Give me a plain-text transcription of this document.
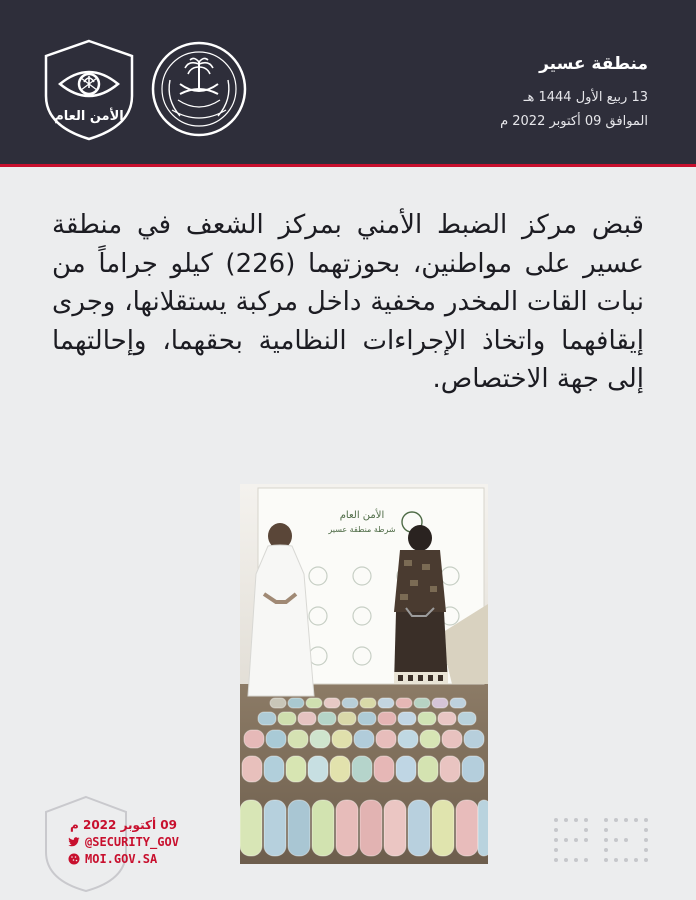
الأمن العام
منطقة عسير
13 ربيع الأول 1444 هـ
الموافق 09 أكتوبر 2022 م

قبض مركز الضبط الأمني بمركز الشعف في منطقة عسير على مواطنين، بحوزتهما (226) كيلو جراماً من نبات القات المخدر مخفية داخل مركبة يستقلانها، وجرى إيقافهما واتخاذ الإجراءات النظامية بحقهما، وإحالتهما إلى جهة الاختصاص.

الأمن العام
شرطة منطقة عسير
09 أكتوبر 2022 م
@SECURITY_GOV
MOI.GOV.SA
